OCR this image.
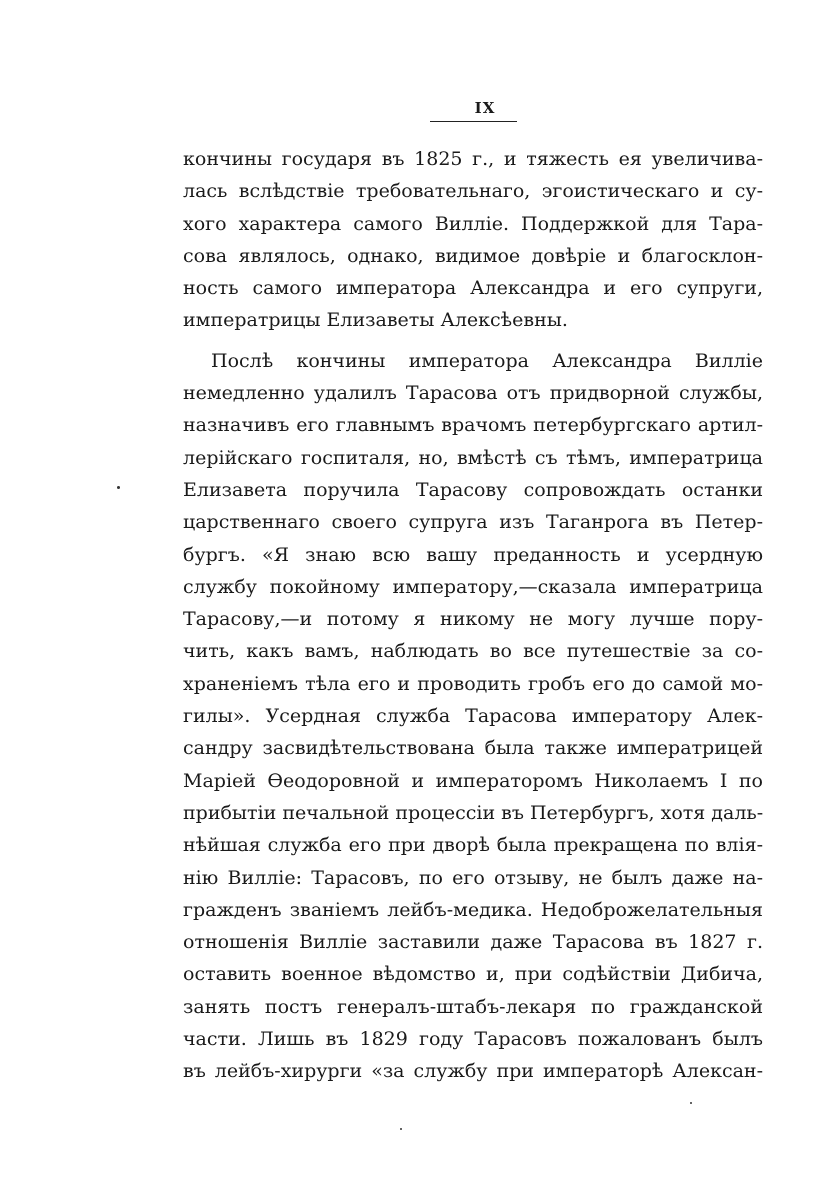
IX
кончины государя въ 1825 г., и тяжесть ея увеличива-
лась вслѣдствіе требовательнаго, эгоистическаго и су-
хого характера самого Вилліе. Поддержкой для Тара-
сова являлось, однако, видимое довѣріе и благосклон-
ность самого императора Александра и его супруги,
императрицы Елизаветы Алексѣевны.
Послѣ кончины императора Александра Виллiе
немедленно удалилъ Тарасова отъ придворной службы,
назначивъ его главнымъ врачомъ петербургскаго артил-
лерійскаго госпиталя, но, вмѣстѣ съ тѣмъ, императрица
Елизавета поручила Тарасову сопровождать останки
царственнаго своего супруга изъ Таганрога въ Петер-
бургъ. «Я знаю всю вашу преданность и усердную
службу покойному императору,—сказала императрица
Тарасову,—и потому я никому не могу лучше пору-
чить, какъ вамъ, наблюдать во все путешествіе за со-
храненіемъ тѣла его и проводить гробъ его до самой мо-
гилы». Усердная служба Тарасова императору Алек-
сандру засвидѣтельствована была также императрицей
Маріей Ѳеодоровной и императоромъ Николаемъ I по
прибытіи печальной процессіи въ Петербургъ, хотя даль-
нѣйшая служба его при дворѣ была прекращена по влія-
нію Виллiе: Тарасовъ, по его отзыву, не былъ даже на-
гражденъ званіемъ лейбъ-медика. Недоброжелательныя
отношенія Виллiе заставили даже Тарасова въ 1827 г.
оставить военное вѣдомство и, при содѣйствіи Дибича,
занять постъ генералъ-штабъ-лекаря по гражданской
части. Лишь въ 1829 году Тарасовъ пожалованъ былъ
въ лейбъ-хирурги «за службу при императорѣ Алексан-
